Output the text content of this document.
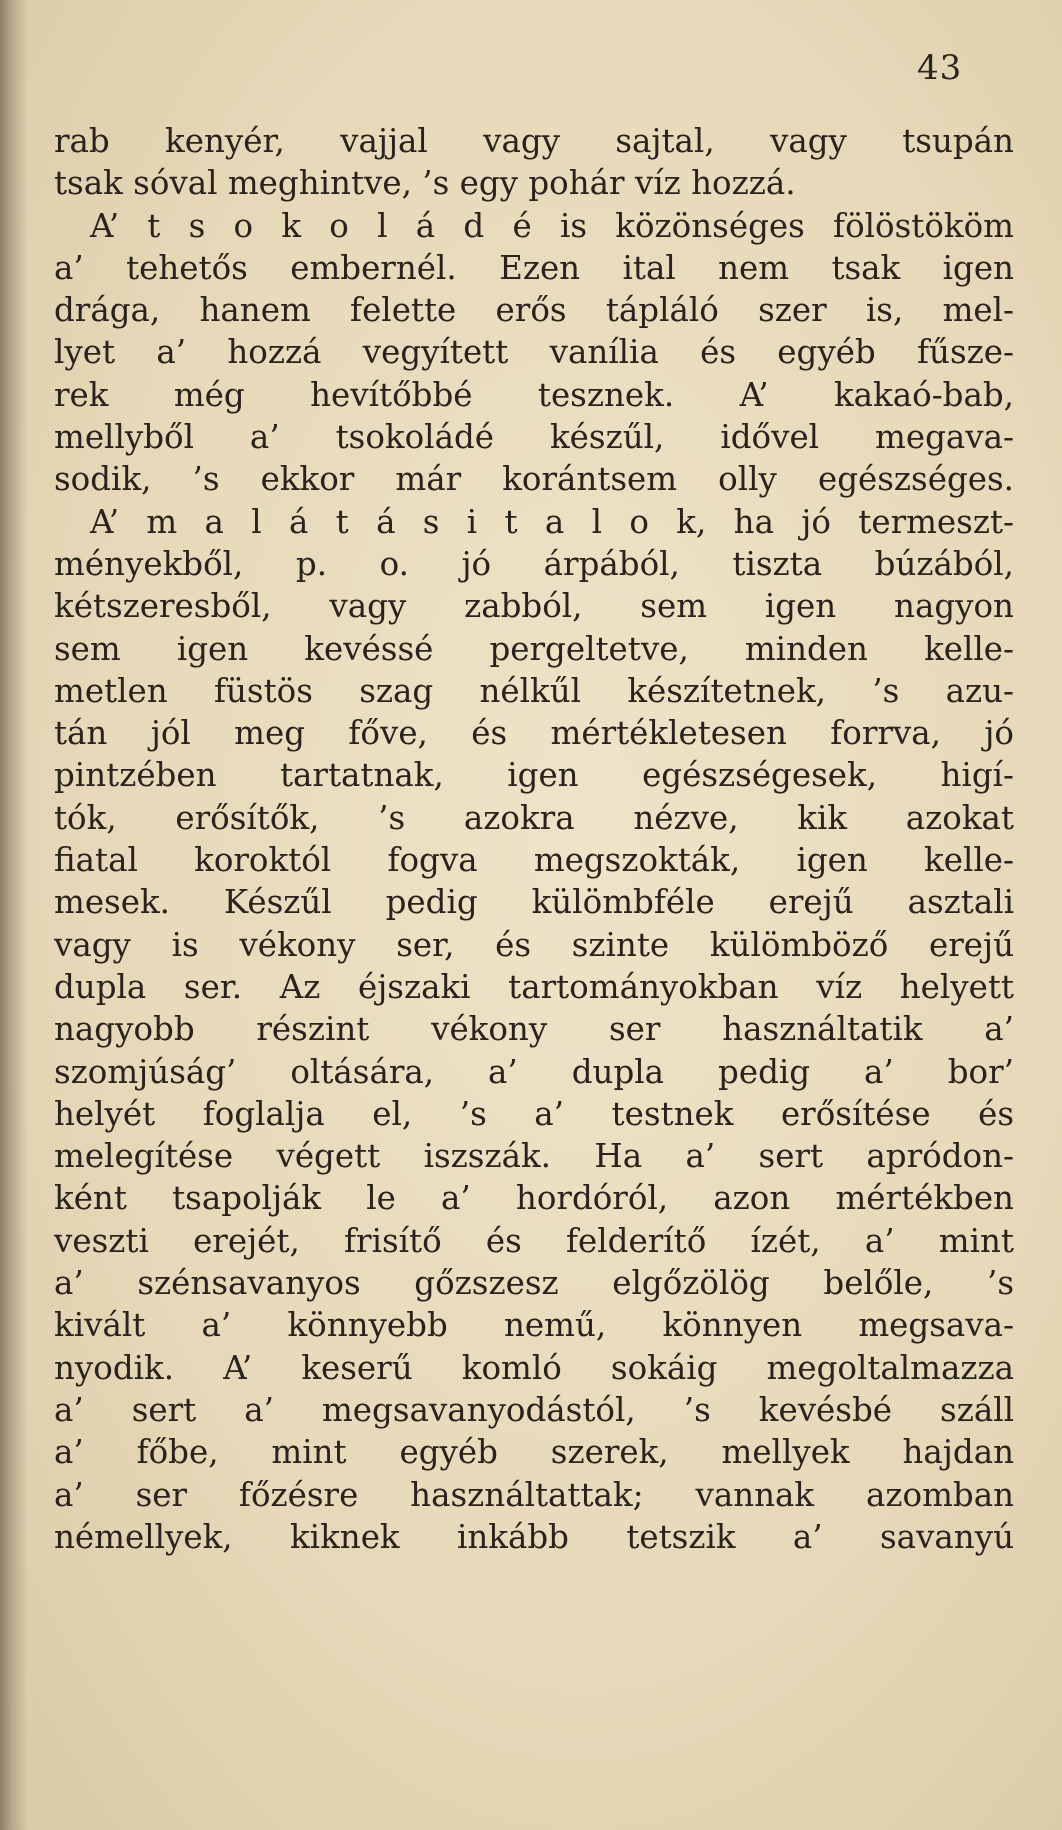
43
rab kenyér, vajjal vagy sajtal, vagy tsupán
tsak sóval meghintve, ’s egy pohár víz hozzá.
A’ t s o k o l á d é is közönséges fölöstököm
a’ tehetős embernél. Ezen ital nem tsak igen
drága, hanem felette erős tápláló szer is, mel-
lyet a’ hozzá vegyített vanília és egyéb fűsze-
rek még hevítőbbé tesznek. A’ kakaó-bab,
mellyből a’ tsokoládé készűl, idővel megava-
sodik, ’s ekkor már korántsem olly egészséges.
A’ m a l á t á s i t a l o k, ha jó termeszt-
ményekből, p. o. jó árpából, tiszta búzából,
kétszeresből, vagy zabból, sem igen nagyon
sem igen kevéssé pergeltetve, minden kelle-
metlen füstös szag nélkűl készítetnek, ’s azu-
tán jól meg főve, és mértékletesen forrva, jó
pintzében tartatnak, igen egészségesek, higí-
tók, erősítők, ’s azokra nézve, kik azokat
fiatal koroktól fogva megszokták, igen kelle-
mesek. Készűl pedig külömbféle erejű asztali
vagy is vékony ser, és szinte külömböző erejű
dupla ser. Az éjszaki tartományokban víz helyett
nagyobb részint vékony ser használtatik a’
szomjúság’ oltására, a’ dupla pedig a’ bor’
helyét foglalja el, ’s a’ testnek erősítése és
melegítése végett iszszák. Ha a’ sert apródon-
ként tsapolják le a’ hordóról, azon mértékben
veszti erejét, frisítő és felderítő ízét, a’ mint
a’ szénsavanyos gőzszesz elgőzölög belőle, ’s
kivált a’ könnyebb nemű, könnyen megsava-
nyodik. A’ keserű komló sokáig megoltalmazza
a’ sert a’ megsavanyodástól, ’s kevésbé száll
a’ főbe, mint egyéb szerek, mellyek hajdan
a’ ser főzésre használtattak; vannak azomban
némellyek, kiknek inkább tetszik a’ savanyú
